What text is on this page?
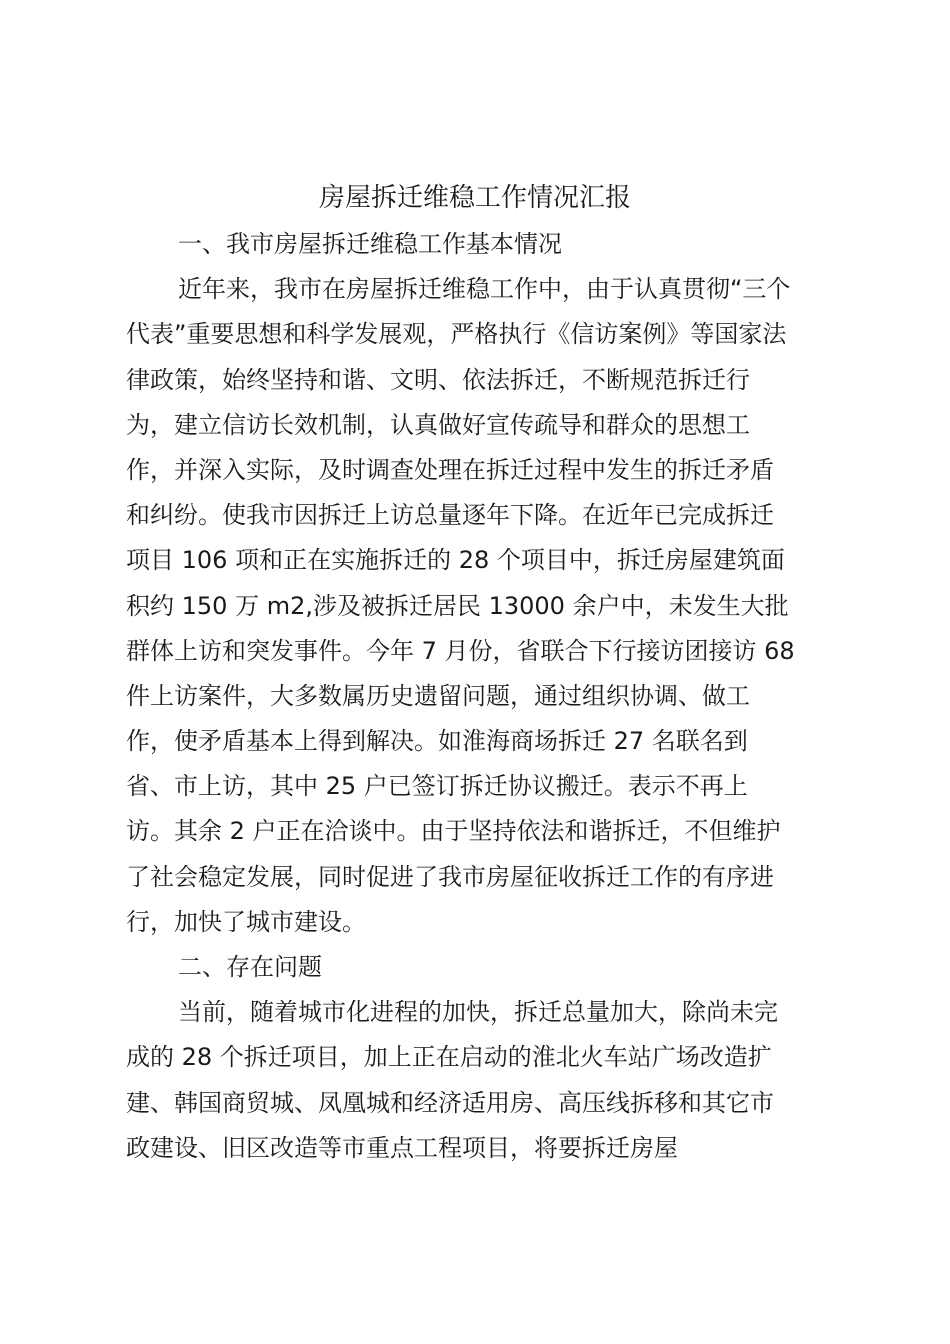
房屋拆迁维稳工作情况汇报
一、我市房屋拆迁维稳工作基本情况
近年来，我市在房屋拆迁维稳工作中，由于认真贯彻“三个
代表”重要思想和科学发展观，严格执行《信访案例》等国家法
律政策，始终坚持和谐、文明、依法拆迁，不断规范拆迁行
为，建立信访长效机制，认真做好宣传疏导和群众的思想工
作，并深入实际，及时调查处理在拆迁过程中发生的拆迁矛盾
和纠纷。使我市因拆迁上访总量逐年下降。在近年已完成拆迁
项目 106 项和正在实施拆迁的 28 个项目中，拆迁房屋建筑面
积约 150 万 m2,涉及被拆迁居民 13000 余户中，未发生大批
群体上访和突发事件。今年 7 月份，省联合下行接访团接访 68
件上访案件，大多数属历史遗留问题，通过组织协调、做工
作，使矛盾基本上得到解决。如淮海商场拆迁 27 名联名到
省、市上访，其中 25 户已签订拆迁协议搬迁。表示不再上
访。其余 2 户正在洽谈中。由于坚持依法和谐拆迁，不但维护
了社会稳定发展，同时促进了我市房屋征收拆迁工作的有序进
行，加快了城市建设。
二、存在问题
当前，随着城市化进程的加快，拆迁总量加大，除尚未完
成的 28 个拆迁项目，加上正在启动的淮北火车站广场改造扩
建、韩国商贸城、凤凰城和经济适用房、高压线拆移和其它市
政建设、旧区改造等市重点工程项目，将要拆迁房屋
